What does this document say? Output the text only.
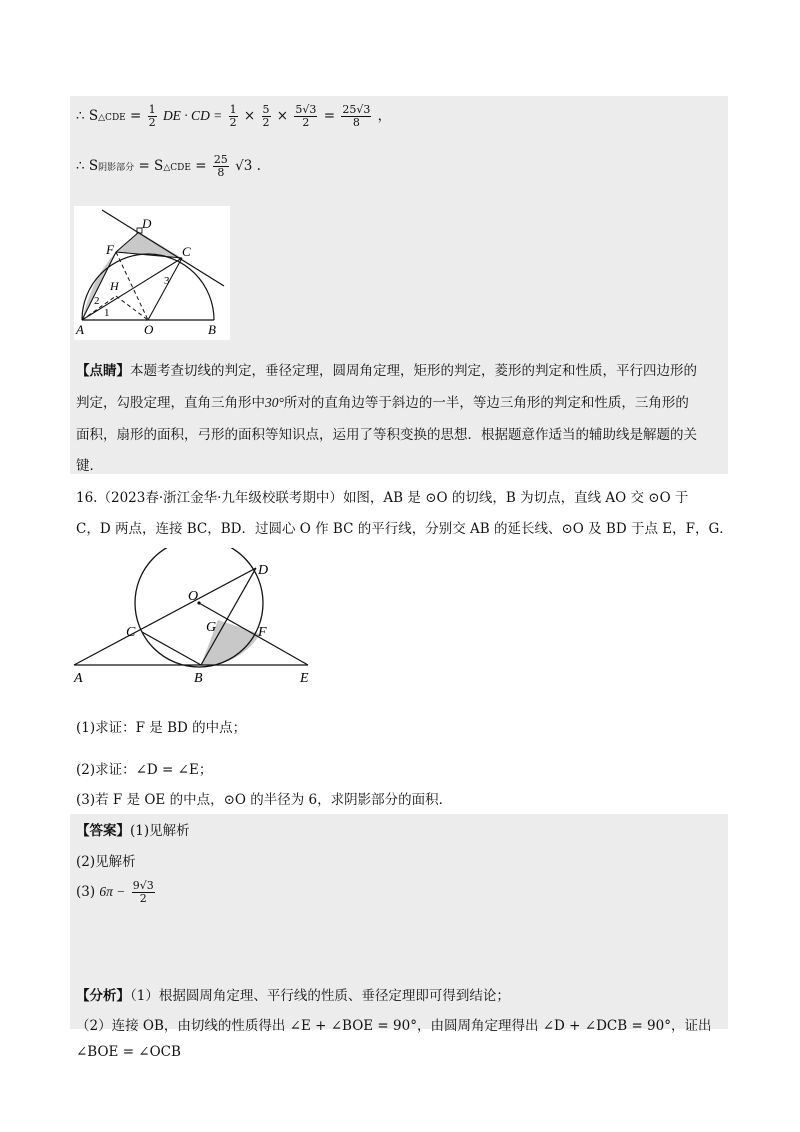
∴ S△CDE = $\frac{1}{2}$ DE · CD = $\frac{1}{2} \times \frac{5}{2} \times \frac{5√3}{2} = \frac{25√3}{8}$ ，
∴ S阴影部分 = S△CDE = $\frac{25}{8} √3$ .
D
F	C
H
2
3
1
A	O	B
【点睛】本题考查切线的判定，垂径定理，圆周角定理，矩形的判定，菱形的判定和性质，平行四边形的
判定，勾股定理，直角三角形中30°所对的直角边等于斜边的一半，等边三角形的判定和性质，三角形的
面积，扇形的面积，弓形的面积等知识点，运用了等积变换的思想．根据题意作适当的辅助线是解题的关
键．
16.（2023春·浙江金华·九年级校联考期中）如图，AB 是 ⊙O 的切线，B 为切点，直线 AO 交 ⊙O 于
C，D 两点，连接 BC，BD．过圆心 O 作 BC 的平行线，分别交 AB 的延长线、⊙O 及 BD 于点 E，F，G．
O
D
G	F
C
A	B	E
(1)求证：F 是 BD 的中点；
(2)求证：∠D = ∠E；
(3)若 F 是 OE 的中点，⊙O 的半径为 6，求阴影部分的面积．
【答案】(1)见解析
(2)见解析
(3) $6\pi - \frac{9√3}{2}$
【分析】（1）根据圆周角定理、平行线的性质、垂径定理即可得到结论；
（2）连接 OB，由切线的性质得出 ∠E + ∠BOE = 90°，由圆周角定理得出 ∠D + ∠DCB = 90°，证出
∠BOE = ∠OCB
